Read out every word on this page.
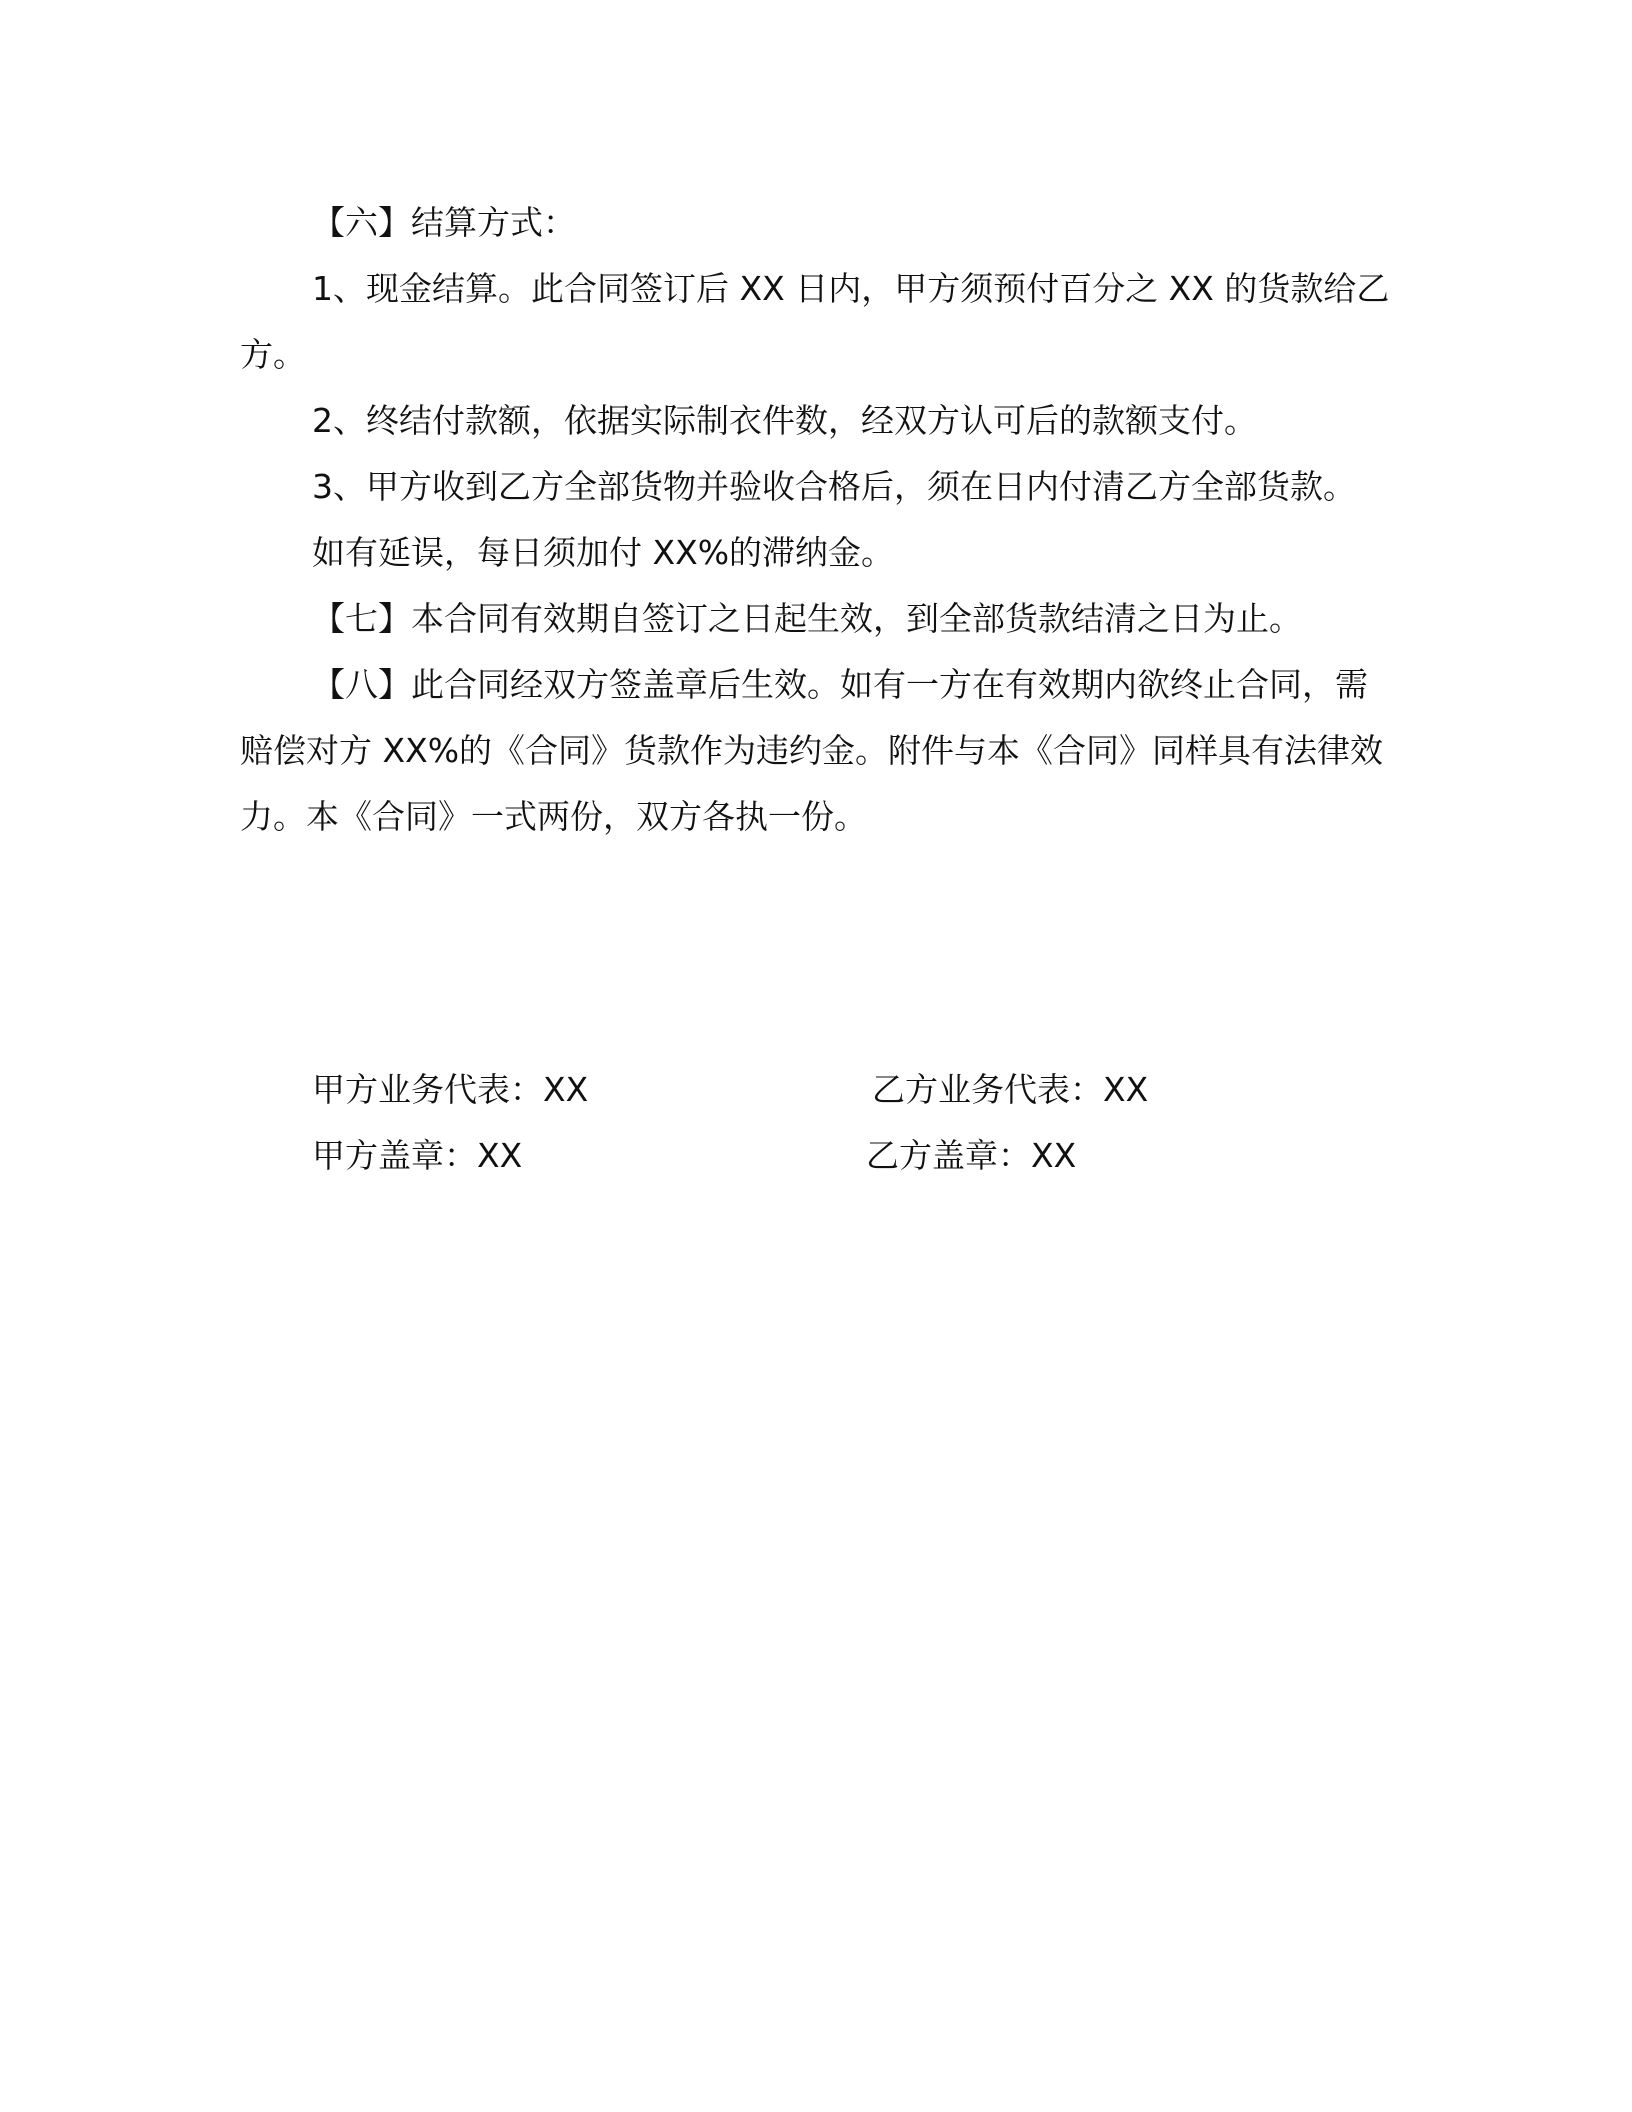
【六】结算方式：

1、现金结算。此合同签订后 XX 日内，甲方须预付百分之 XX 的货款给乙方。

2、终结付款额，依据实际制衣件数，经双方认可后的款额支付。

3、甲方收到乙方全部货物并验收合格后，须在日内付清乙方全部货款。

如有延误，每日须加付 XX%的滞纳金。

【七】本合同有效期自签订之日起生效，到全部货款结清之日为止。

【八】此合同经双方签盖章后生效。如有一方在有效期内欲终止合同，需赔偿对方 XX%的《合同》货款作为违约金。附件与本《合同》同样具有法律效力。本《合同》一式两份，双方各执一份。

甲方业务代表：XX	乙方业务代表：XX
甲方盖章：XX	乙方盖章：XX
